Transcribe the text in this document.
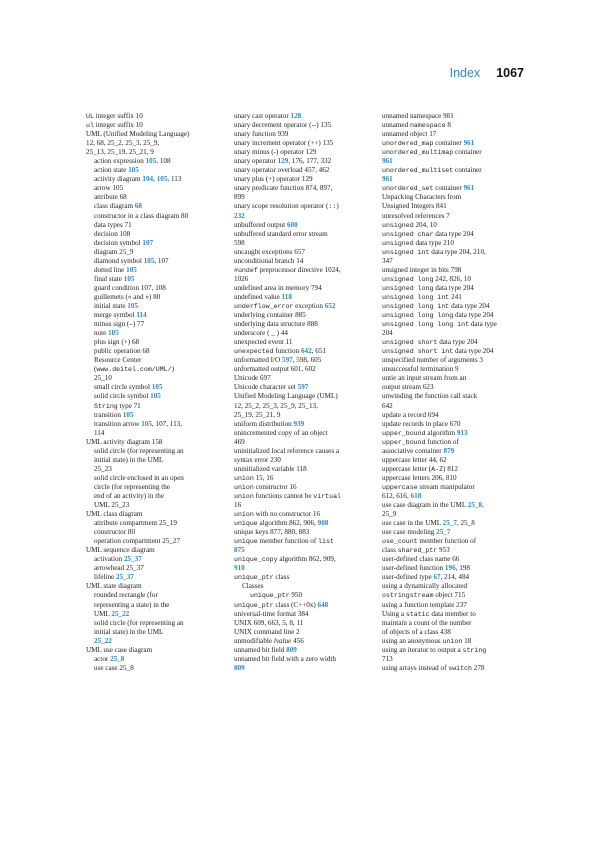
Index 1067
UL integer suffix 10
ul integer suffix 10
UML (Unified Modeling Language)
12, 68, 25_2, 25_3, 25_9,
25_13, 25_19, 25_21, 9
action expression 105, 108
action state 105
activity diagram 104, 105, 113
arrow 105
attribute 68
class diagram 68
constructor in a class diagram 80
data types 71
decision 108
decision symbol 107
diagram 25_9
diamond symbol 105, 107
dotted line 105
final state 105
guard condition 107, 108
guillemets (« and ») 80
initial state 105
merge symbol 114
minus sign (–) 77
note 105
plus sign (+) 68
public operation 68
Resource Center
(www.deitel.com/UML/)
25_10
small circle symbol 105
solid circle symbol 105
String type 71
transition 105
transition arrow 105, 107, 113,
114
UML activity diagram 158
solid circle (for representing an
initial state) in the UML
25_23
solid circle enclosed in an open
circle (for representing the
end of an activity) in the
UML 25_23
UML class diagram
attribute compartment 25_19
constructor 80
operation compartment 25_27
UML sequence diagram
activation 25_37
arrowhead 25_37
lifeline 25_37
UML state diagram
rounded rectangle (for
representing a state) in the
UML 25_22
solid circle (for representing an
initial state) in the UML
25_22
UML use case diagram
actor 25_8
use case 25_8
unary cast operator 128
unary decrement operator (--) 135
unary function 939
unary increment operator (++) 135
unary minus (-) operator 129
unary operator 129, 176, 177, 332
unary operator overload 457, 462
unary plus (+) operator 129
unary predicate function 874, 897,
899
unary scope resolution operator (::)
232
unbuffered output 600
unbuffered standard error stream
598
uncaught exceptions 657
unconditional branch 14
#undef preprocessor directive 1024,
1026
undefined area in memory 794
undefined value 118
underflow_error exception 652
underlying container 885
underlying data structure 888
underscore ( _ ) 44
unexpected event 11
unexpected function 642, 651
unformatted I/O 597, 598, 605
unformatted output 601, 602
Unicode 697
Unicode character set 597
Unified Modeling Language (UML)
12, 25_2, 25_3, 25_9, 25_13,
25_19, 25_21, 9
uniform distribution 939
unincremented copy of an object
469
uninitialized local reference causes a
syntax error 230
uninitialized variable 118
union 15, 16
union constructor 16
union functions cannot be virtual
16
union with no constructor 16
unique algorithm 862, 906, 908
unique keys 877, 880, 883
unique member function of list
875
unique_copy algorithm 862, 909,
910
unique_ptr class
Classes
unique_ptr 950
unique_ptr class (C++0x) 648
universal-time format 384
UNIX 609, 663, 5, 8, 11
UNIX command line 2
unmodifiable lvalue 456
unnamed bit field 809
unnamed bit field with a zero width
809
unnamed namespace 981
unnamed namespace 8
unnamed object 17
unordered_map container 961
unordered_multimap container
961
unordered_multiset container
961
unordered_set container 961
Unpacking Characters from
Unsigned Integers 841
unresolved references 7
unsigned 204, 10
unsigned char data type 204
unsigned data type 210
unsigned int data type 204, 210,
347
unsigned integer in bits 798
unsigned long 242, 826, 10
unsigned long data type 204
unsigned long int 241
unsigned long int data type 204
unsigned long long data type 204
unsigned long long int data type
204
unsigned short data type 204
unsigned short int data type 204
unspecified number of arguments 3
unsuccessful termination 9
untie an input stream from an
output stream 623
unwinding the function call stack
642
update a record 694
update records in place 670
upper_bound algorithm 913
upper_bound function of
associative container 879
uppercase letter 44, 62
uppercase letter (A-Z) 812
uppercase letters 206, 810
uppercase stream manipulator
612, 616, 618
use case diagram in the UML 25_8,
25_9
use case in the UML 25_7, 25_8
use case modeling 25_7
use_count member function of
class shared_ptr 953
user-defined class name 66
user-defined function 196, 198
user-defined type 67, 214, 484
using a dynamically allocated
ostringstream object 715
using a function template 237
Using a static data member to
maintain a count of the number
of objects of a class 438
using an anonymous union 18
using an iterator to output a string
713
using arrays instead of switch 278
